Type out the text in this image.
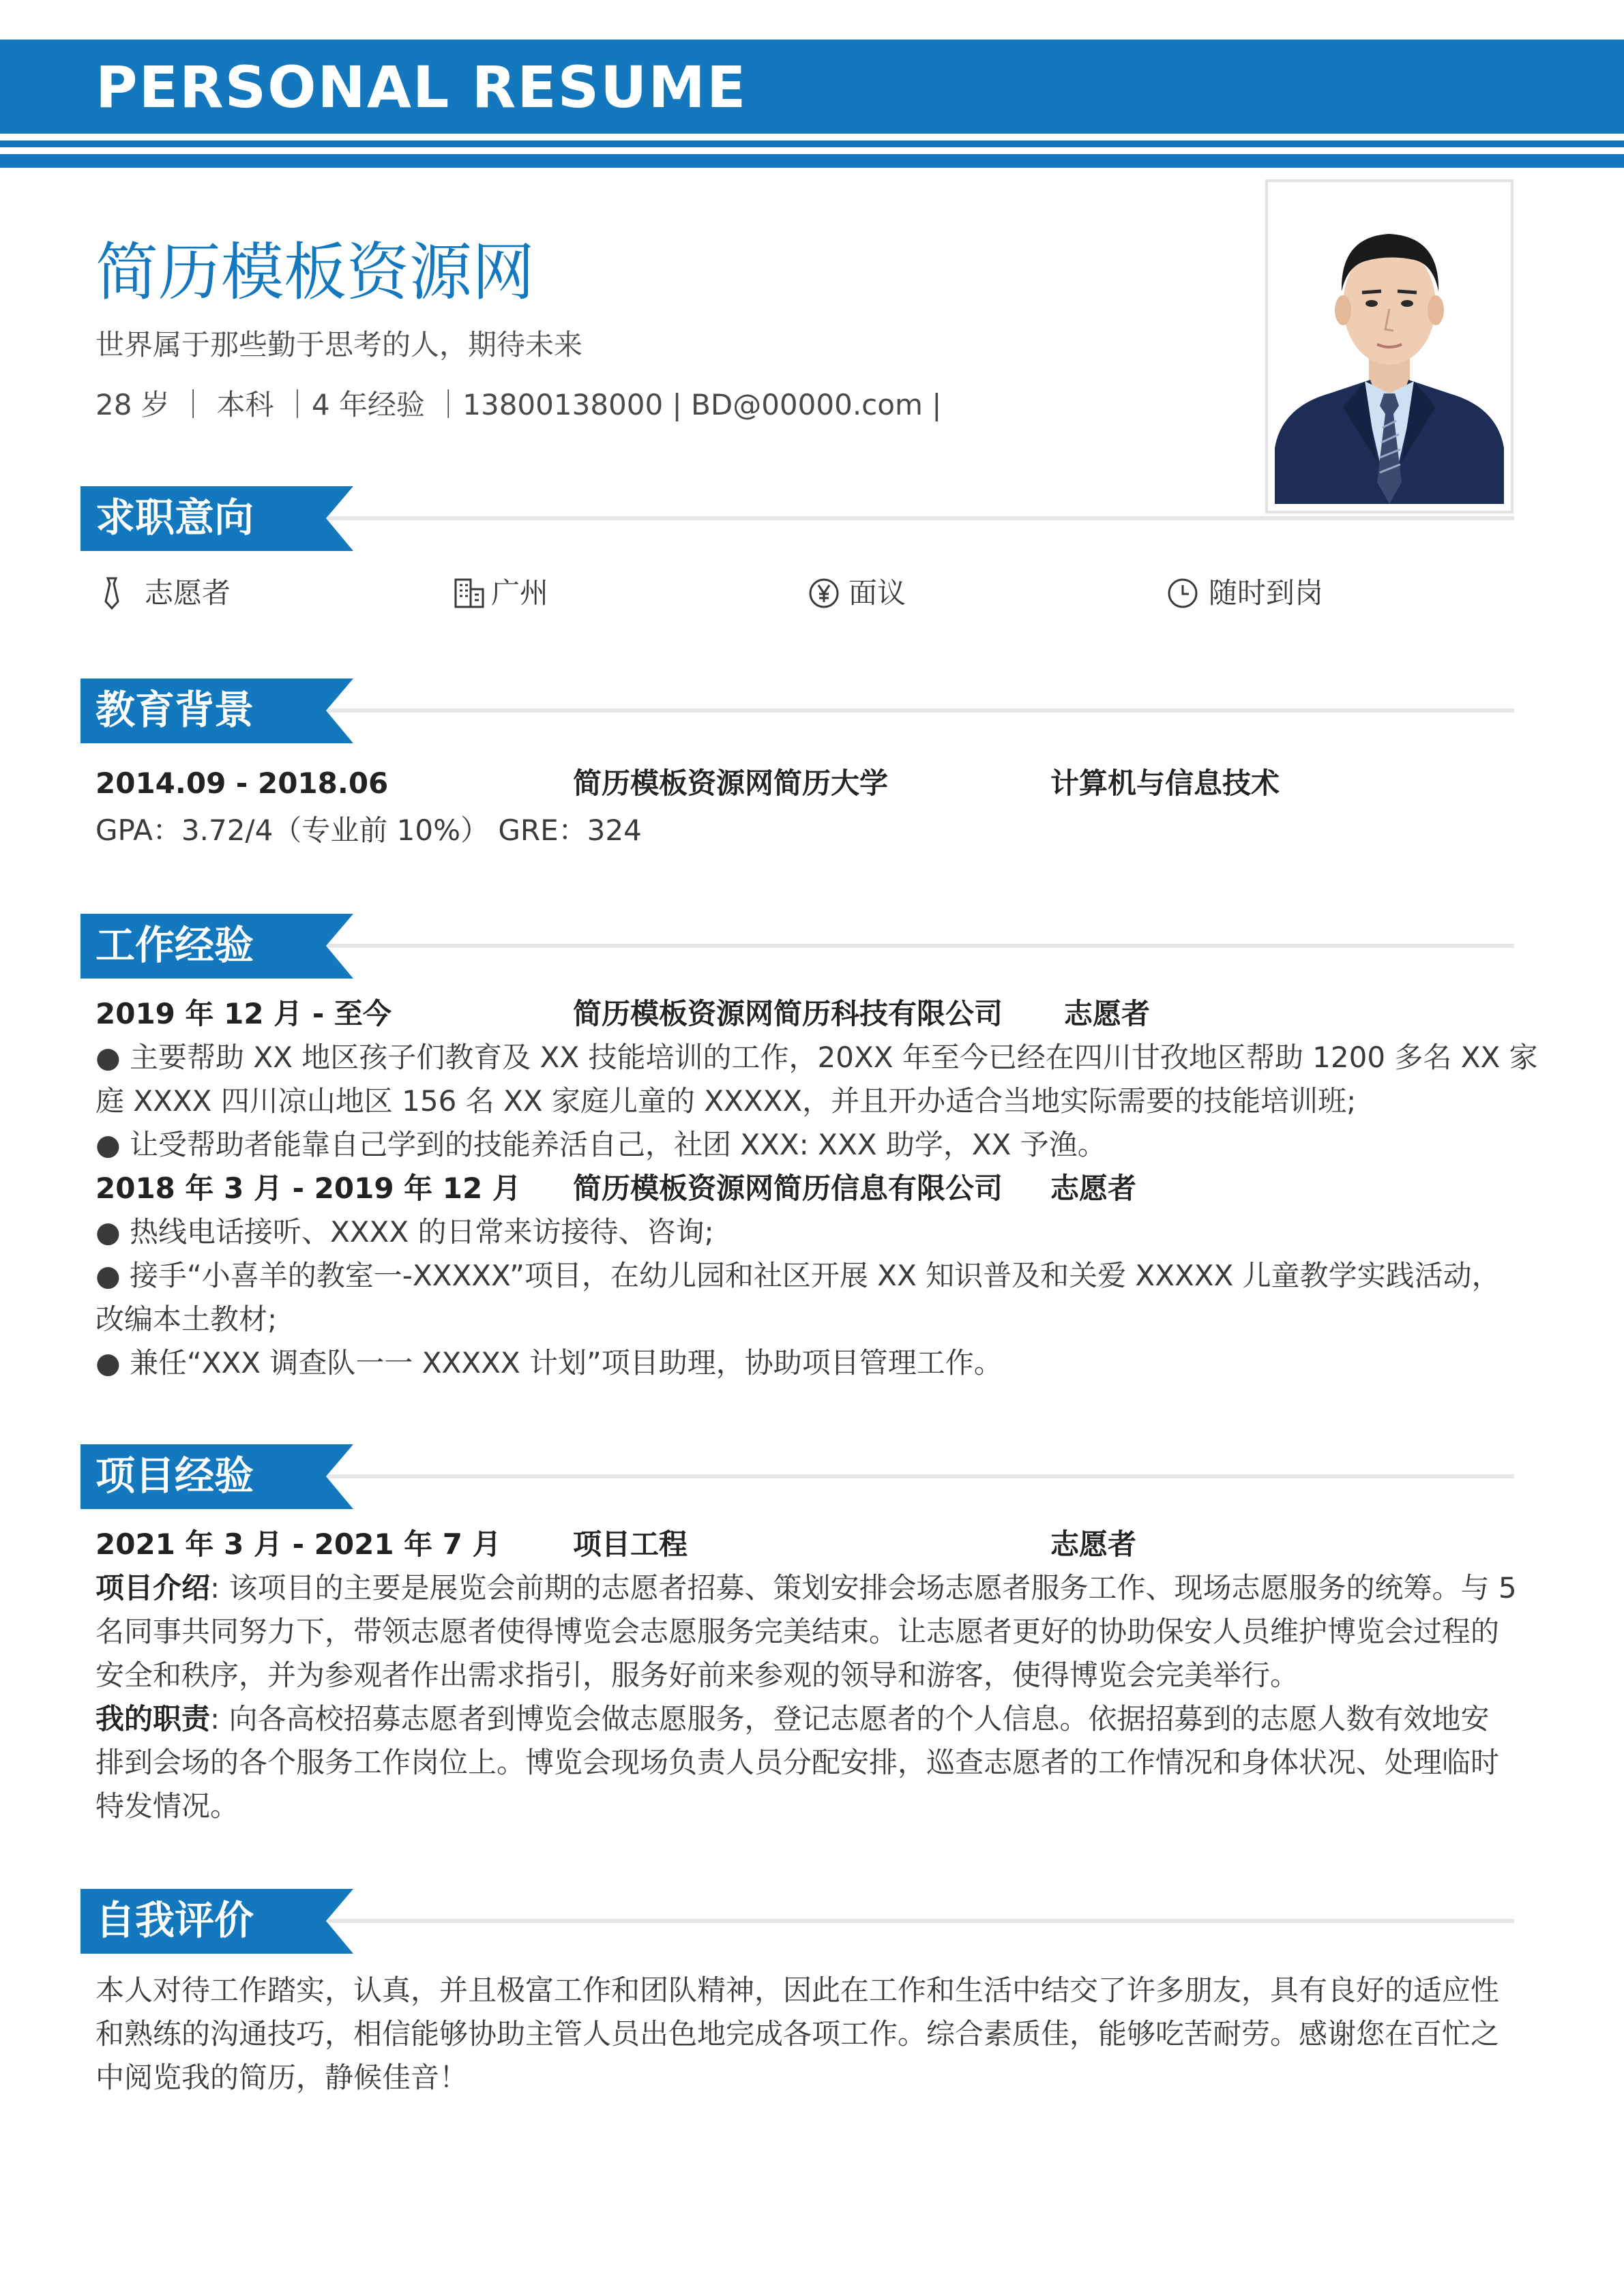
PERSONAL RESUME
简历模板资源网
世界属于那些勤于思考的人，期待未来
28 岁 ｜ 本科 ｜4 年经验 ｜13800138000 | BD@00000.com |
求职意向
志愿者	广州	面议	随时到岗
教育背景
2014.09 - 2018.06	简历模板资源网简历大学	计算机与信息技术
GPA：3.72/4（专业前 10%） GRE：324
工作经验
2019 年 12 月 - 至今	简历模板资源网简历科技有限公司 志愿者
● 主要帮助 XX 地区孩子们教育及 XX 技能培训的工作，20XX 年至今已经在四川甘孜地区帮助 1200 多名 XX 家
庭 XXXX 四川凉山地区 156 名 XX 家庭儿童的 XXXXX，并且开办适合当地实际需要的技能培训班;
● 让受帮助者能靠自己学到的技能养活自己，社团 XXX: XXX 助学，XX 予渔。
2018 年 3 月 - 2019 年 12 月 简历模板资源网简历信息有限公司 志愿者
● 热线电话接听、XXXX 的日常来访接待、咨询;
● 接手“小喜羊的教室一-XXXXX”项目，在幼儿园和社区开展 XX 知识普及和关爱 XXXXX 儿童教学实践活动，
改编本土教材;
● 兼任“XXX 调查队一一 XXXXX 计划”项目助理，协助项目管理工作。
项目经验
2021 年 3 月 - 2021 年 7 月	项目工程	志愿者
项目介绍: 该项目的主要是展览会前期的志愿者招募、策划安排会场志愿者服务工作、现场志愿服务的统筹。与 5
名同事共同努力下，带领志愿者使得博览会志愿服务完美结束。让志愿者更好的协助保安人员维护博览会过程的
安全和秩序，并为参观者作出需求指引，服务好前来参观的领导和游客，使得博览会完美举行。
我的职责: 向各高校招募志愿者到博览会做志愿服务，登记志愿者的个人信息。依据招募到的志愿人数有效地安
排到会场的各个服务工作岗位上。博览会现场负责人员分配安排，巡查志愿者的工作情况和身体状况、处理临时
特发情况。
自我评价
本人对待工作踏实，认真，并且极富工作和团队精神，因此在工作和生活中结交了许多朋友，具有良好的适应性
和熟练的沟通技巧，相信能够协助主管人员出色地完成各项工作。综合素质佳，能够吃苦耐劳。感谢您在百忙之
中阅览我的简历，静候佳音！
